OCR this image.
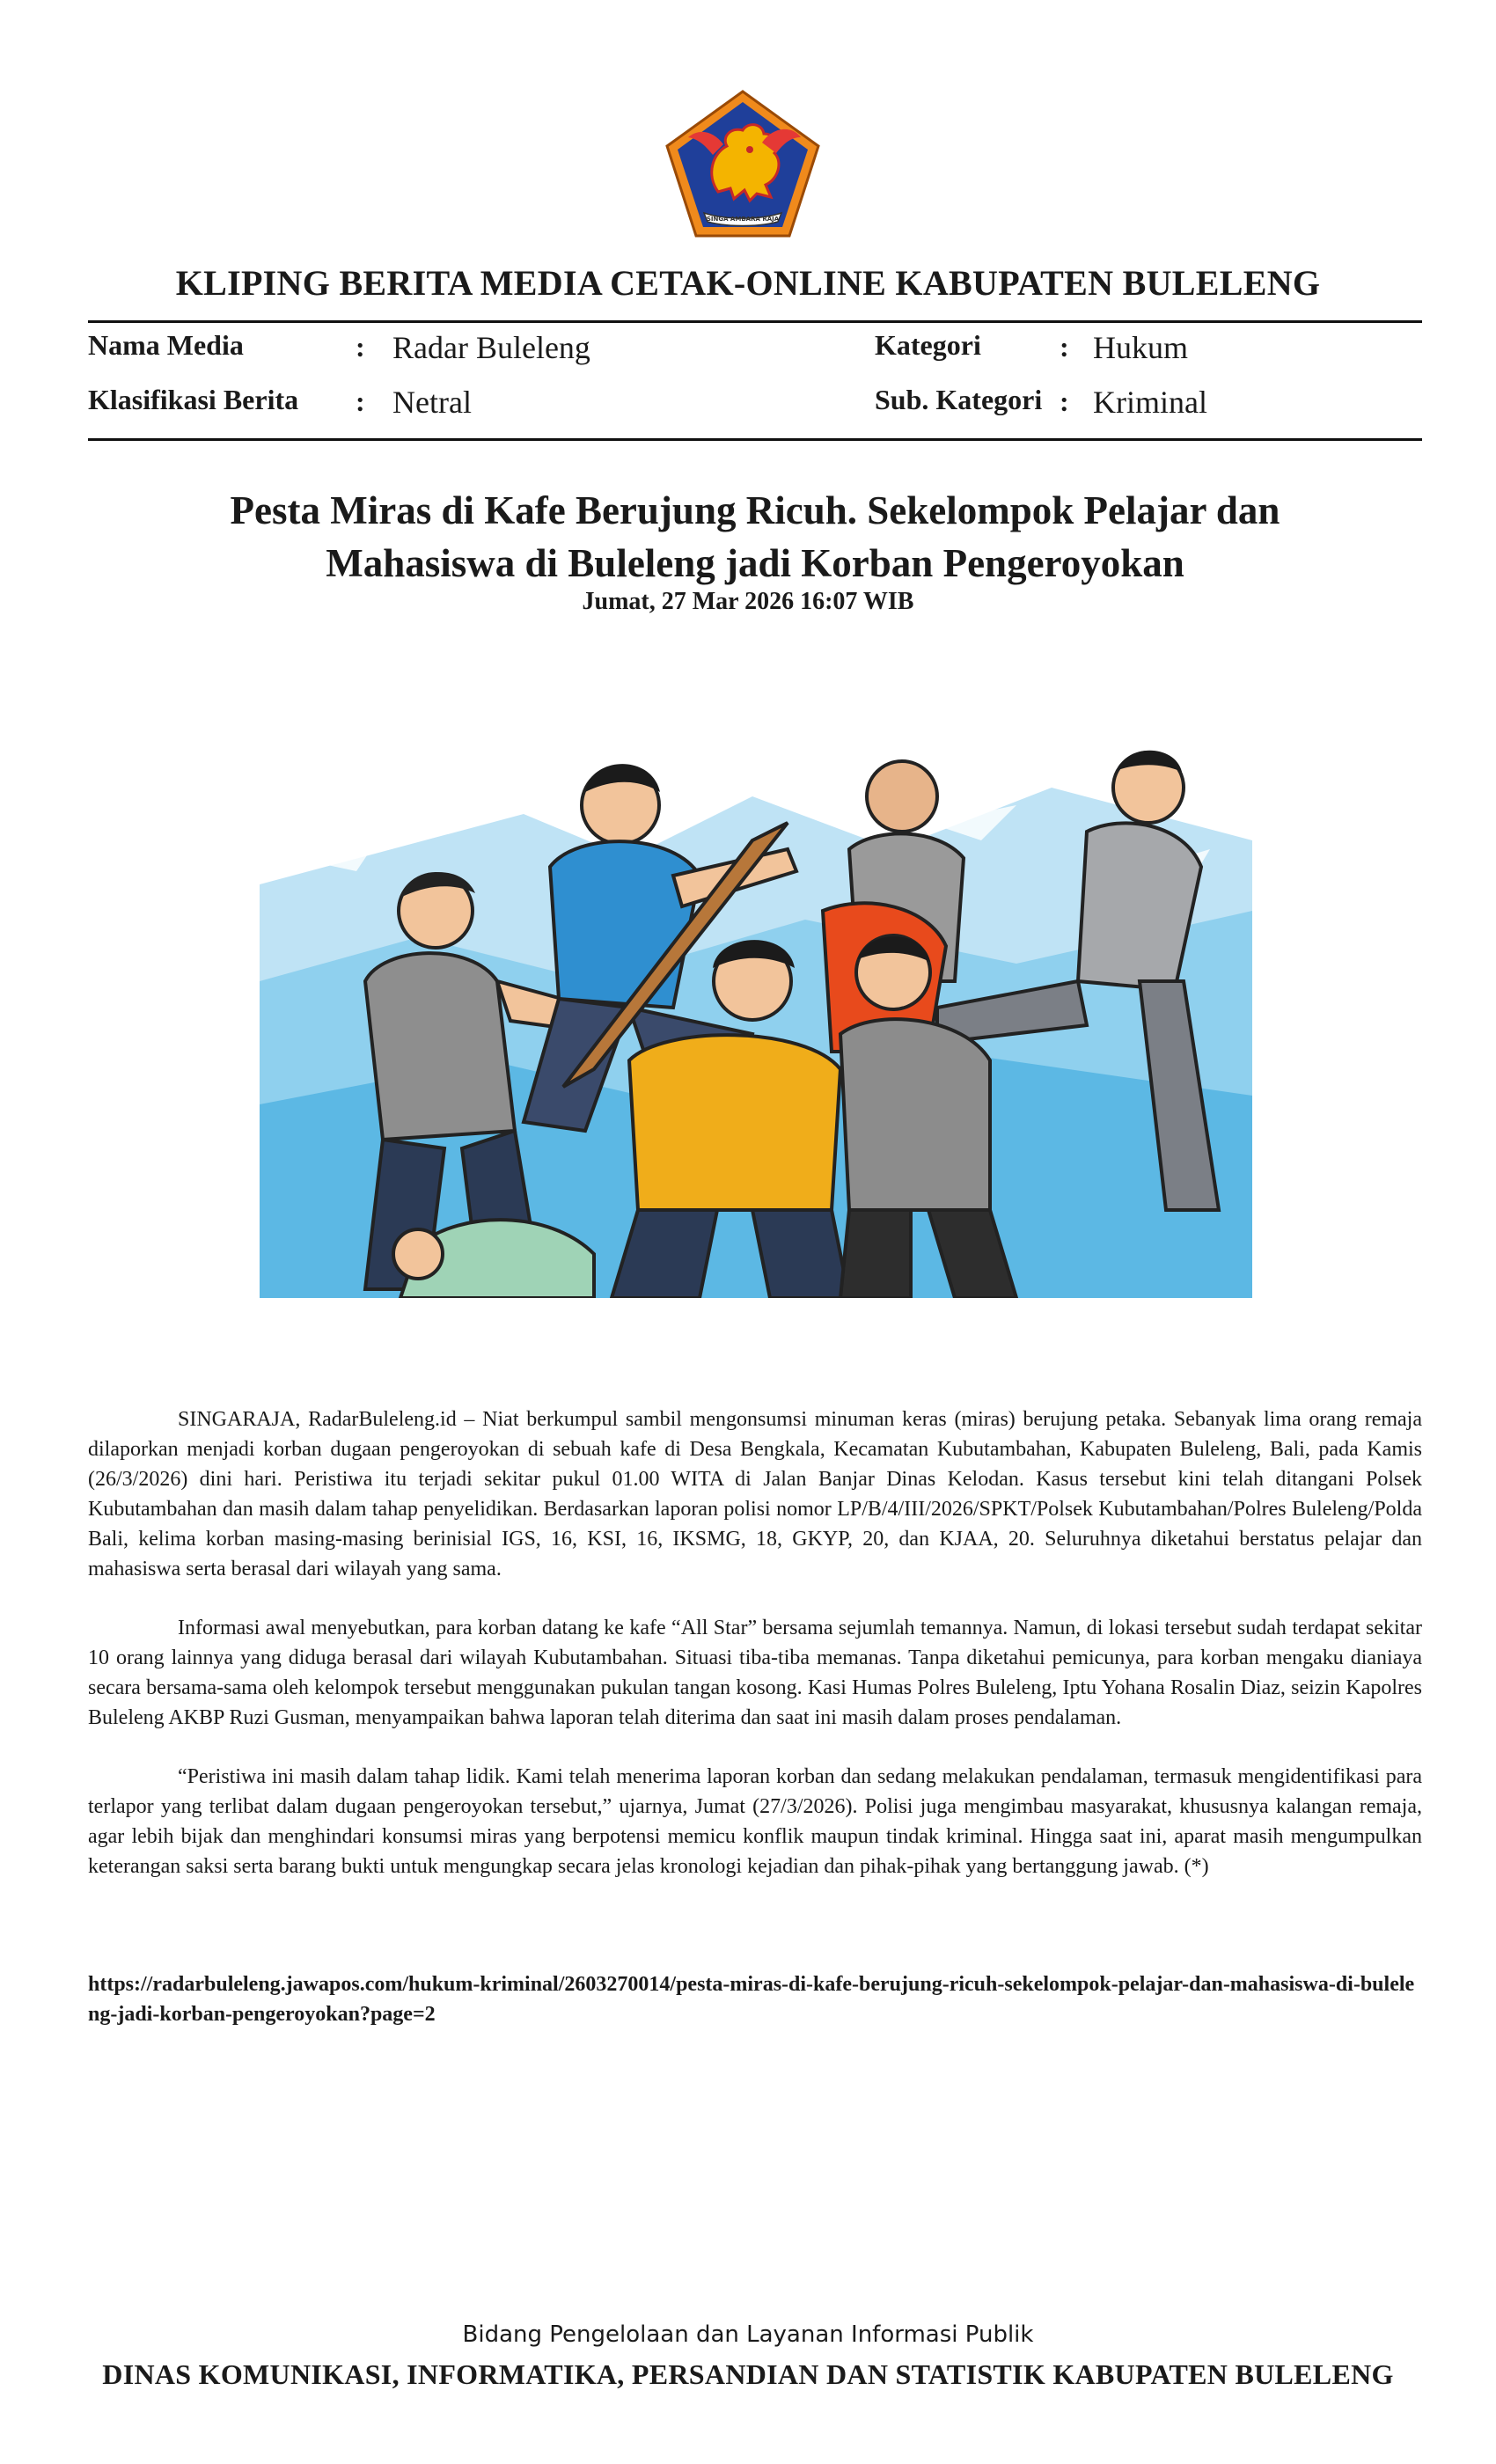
SINGA AMBARA RAJA
KLIPING BERITA MEDIA CETAK-ONLINE KABUPATEN BULELENG
Nama Media	: Radar Buleleng
Klasifikasi Berita : Netral
Kategori	: Hukum
Sub. Kategori : Kriminal
Pesta Miras di Kafe Berujung Ricuh. Sekelompok Pelajar dan
Mahasiswa di Buleleng jadi Korban Pengeroyokan
Jumat, 27 Mar 2026 16:07 WIB

SINGARAJA, RadarBuleleng.id – Niat berkumpul sambil mengonsumsi minuman keras (miras) berujung petaka. Sebanyak lima orang remaja dilaporkan menjadi korban dugaan pengeroyokan di sebuah kafe di Desa Bengkala, Kecamatan Kubutambahan, Kabupaten Buleleng, Bali, pada Kamis (26/3/2026) dini hari. Peristiwa itu terjadi sekitar pukul 01.00 WITA di Jalan Banjar Dinas Kelodan. Kasus tersebut kini telah ditangani Polsek Kubutambahan dan masih dalam tahap penyelidikan. Berdasarkan laporan polisi nomor LP/B/4/III/2026/SPKT/Polsek Kubutambahan/Polres Buleleng/Polda Bali, kelima korban masing-masing berinisial IGS, 16, KSI, 16, IKSMG, 18, GKYP, 20, dan KJAA, 20. Seluruhnya diketahui berstatus pelajar dan mahasiswa serta berasal dari wilayah yang sama.

Informasi awal menyebutkan, para korban datang ke kafe “All Star” bersama sejumlah temannya. Namun, di lokasi tersebut sudah terdapat sekitar 10 orang lainnya yang diduga berasal dari wilayah Kubutambahan. Situasi tiba-tiba memanas. Tanpa diketahui pemicunya, para korban mengaku dianiaya secara bersama-sama oleh kelompok tersebut menggunakan pukulan tangan kosong. Kasi Humas Polres Buleleng, Iptu Yohana Rosalin Diaz, seizin Kapolres Buleleng AKBP Ruzi Gusman, menyampaikan bahwa laporan telah diterima dan saat ini masih dalam proses pendalaman.

“Peristiwa ini masih dalam tahap lidik. Kami telah menerima laporan korban dan sedang melakukan pendalaman, termasuk mengidentifikasi para terlapor yang terlibat dalam dugaan pengeroyokan tersebut,” ujarnya, Jumat (27/3/2026). Polisi juga mengimbau masyarakat, khususnya kalangan remaja, agar lebih bijak dan menghindari konsumsi miras yang berpotensi memicu konflik maupun tindak kriminal. Hingga saat ini, aparat masih mengumpulkan keterangan saksi serta barang bukti untuk mengungkap secara jelas kronologi kejadian dan pihak-pihak yang bertanggung jawab. (*)

https://radarbuleleng.jawapos.com/hukum-kriminal/2603270014/pesta-miras-di-kafe-berujung-ricuh-sekelompok-pelajar-dan-mahasiswa-di-buleleng-jadi-korban-pengeroyokan?page=2
Bidang Pengelolaan dan Layanan Informasi Publik
DINAS KOMUNIKASI, INFORMATIKA, PERSANDIAN DAN STATISTIK KABUPATEN BULELENG
